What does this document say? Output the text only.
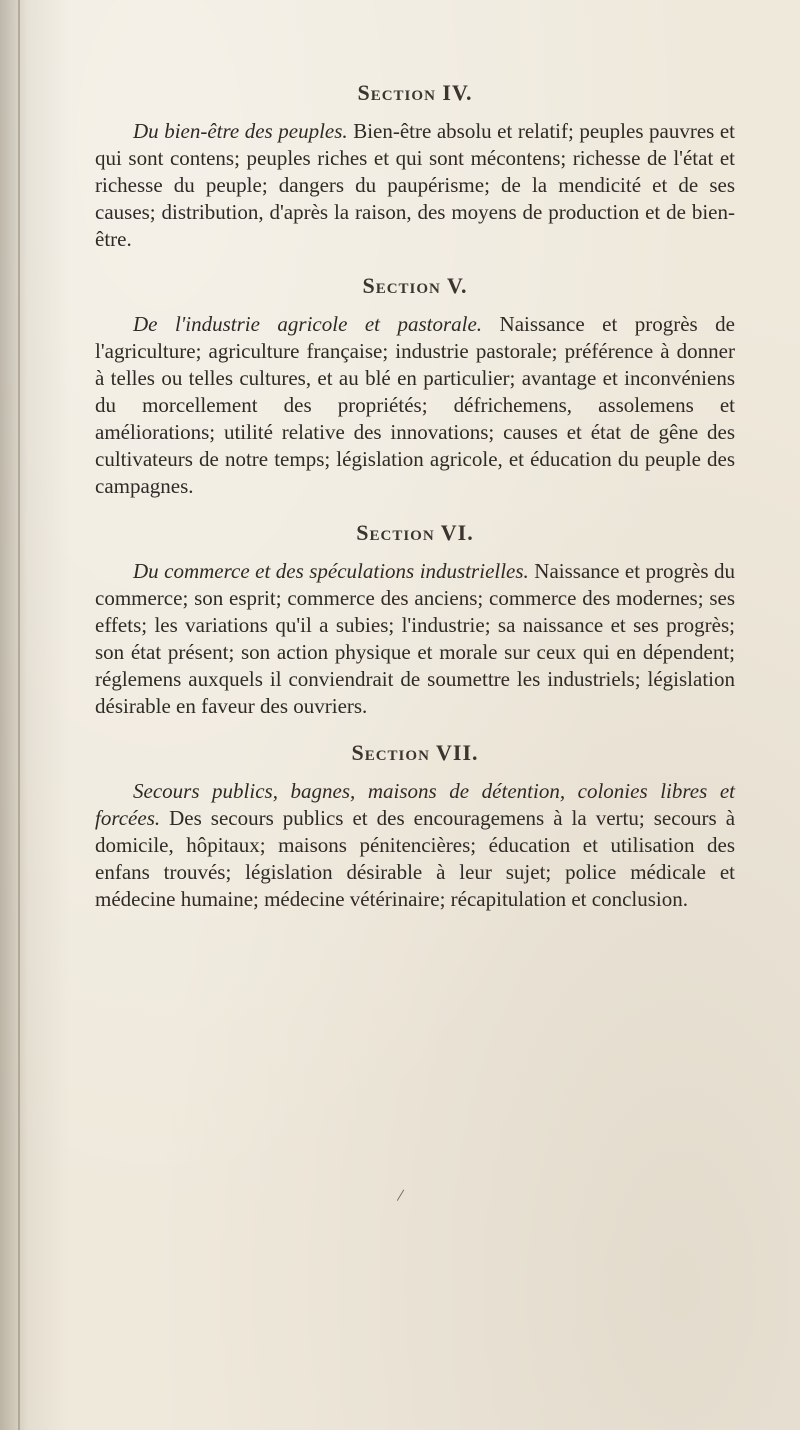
Section IV.

Du bien-être des peuples. Bien-être absolu et relatif; peuples pauvres et qui sont contens; peuples riches et qui sont mécontens; richesse de l'état et richesse du peuple; dangers du paupérisme; de la mendicité et de ses causes; distribution, d'après la raison, des moyens de production et de bien-être.

Section V.

De l'industrie agricole et pastorale. Naissance et progrès de l'agriculture; agriculture française; industrie pastorale; préférence à donner à telles ou telles cultures, et au blé en particulier; avantage et inconvéniens du morcellement des propriétés; défrichemens, assolemens et améliorations; utilité relative des innovations; causes et état de gêne des cultivateurs de notre temps; législation agricole, et éducation du peuple des campagnes.

Section VI.

Du commerce et des spéculations industrielles. Naissance et progrès du commerce; son esprit; commerce des anciens; commerce des modernes; ses effets; les variations qu'il a subies; l'industrie; sa naissance et ses progrès; son état présent; son action physique et morale sur ceux qui en dépendent; réglemens auxquels il conviendrait de soumettre les industriels; législation désirable en faveur des ouvriers.

Section VII.

Secours publics, bagnes, maisons de détention, colonies libres et forcées. Des secours publics et des encouragemens à la vertu; secours à domicile, hôpitaux; maisons pénitencières; éducation et utilisation des enfans trouvés; législation désirable à leur sujet; police médicale et médecine humaine; médecine vétérinaire; récapitulation et conclusion.

/
